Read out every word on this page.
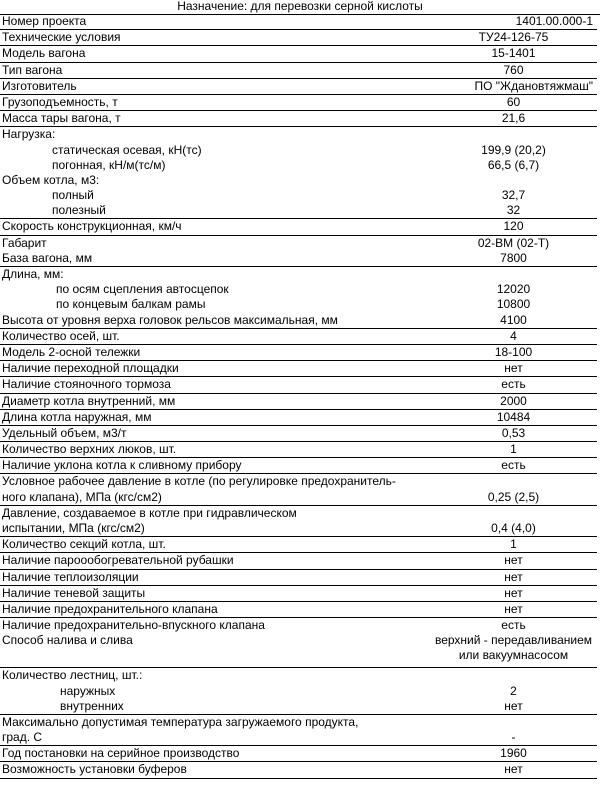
Назначение: для перевозки серной кислоты
Номер проекта	1401.00.000-1
Технические условия	ТУ24-126-75
Модель вагона	15-1401
Тип вагона	760
Изготовитель	ПО "Ждановтяжмаш"
Грузоподъемность, т	60
Масса тары вагона, т	21,6
Нагрузка:	
статическая осевая, кН(тс)	199,9 (20,2)
погонная, кН/м(тс/м)	66,5 (6,7)
Объем котла, м3:	
полный	32,7
полезный	32
Скорость конструкционная, км/ч	120
Габарит	02-ВМ (02-Т)
База вагона, мм	7800
Длина, мм:	
по осям сцепления автосцепок	12020
по концевым балкам рамы	10800
Высота от уровня верха головок рельсов максимальная, мм	4100
Количество осей, шт.	4
Модель 2-осной тележки	18-100
Наличие переходной площадки	нет
Наличие стояночного тормоза	есть
Диаметр котла внутренний, мм	2000
Длина котла наружная, мм	10484
Удельный объем, м3/т	0,53
Количество верхних люков, шт.	1
Наличие уклона котла к сливному прибору	есть
Условное рабочее давление в котле (по регулировке предохранитель-	
ного клапана), МПа (кгс/см2)	0,25 (2,5)
Давление, создаваемое в котле при гидравлическом	
испытании, МПа (кгс/см2)	0,4 (4,0)
Количество секций котла, шт.	1
Наличие пароообогревательной рубашки	нет
Наличие теплоизоляции	нет
Наличие теневой защиты	нет
Наличие предохранительного клапана	нет
Наличие предохранительно-впускного клапана	есть
Способ налива и слива	верхний - передавливанием или вакуумнасосом
Количество лестниц, шт.:	
наружных	2
внутренних	нет
Максимально допустимая температура загружаемого продукта,	
град. С	-
Год постановки на серийное производство	1960
Возможность установки буферов	нет
